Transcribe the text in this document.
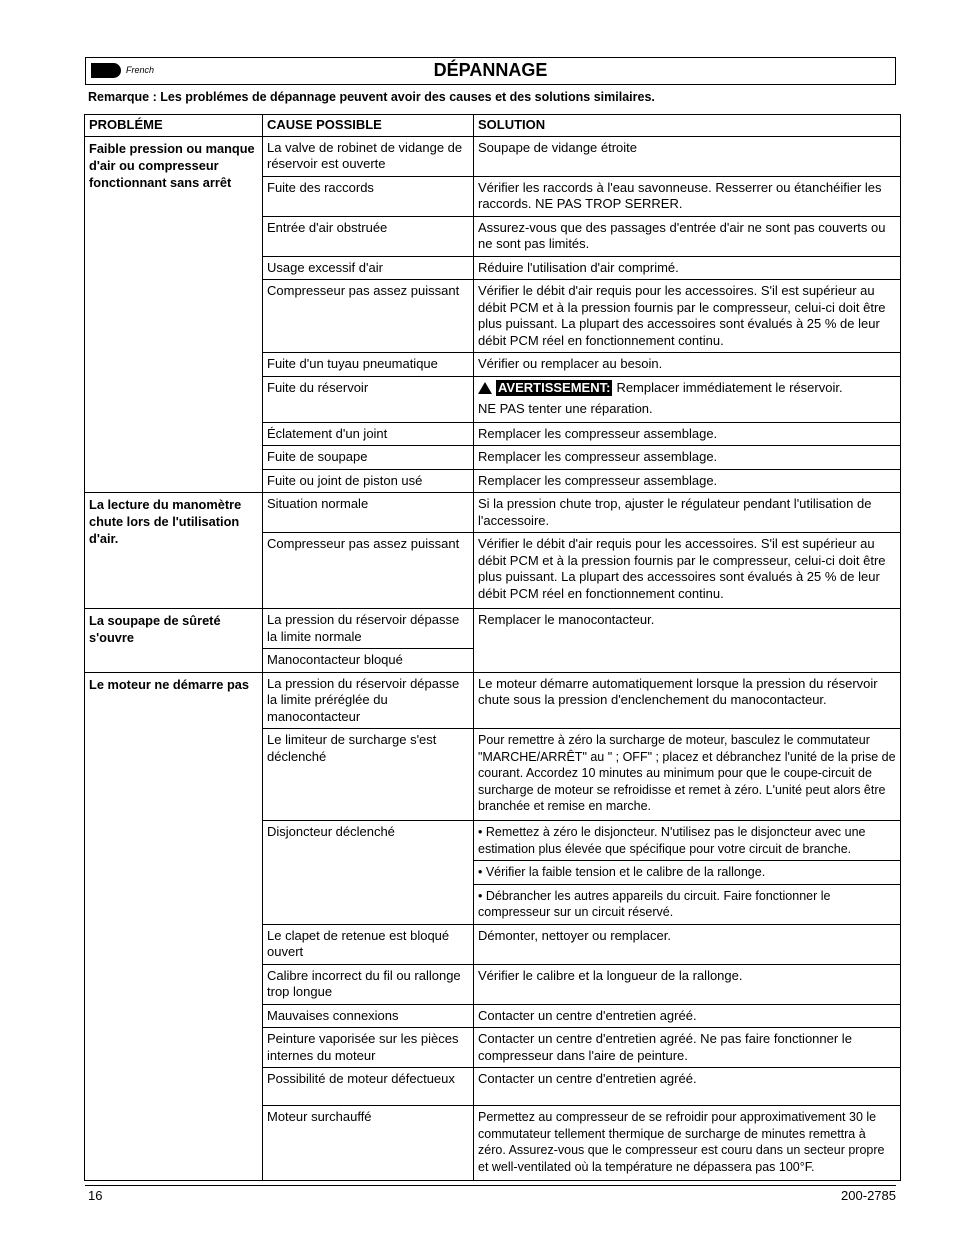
French	DÉPANNAGE
Remarque : Les problémes de dépannage peuvent avoir des causes et des solutions similaires.
PROBLÉME	CAUSE POSSIBLE	SOLUTION
Faible pression ou manque d'air ou compresseur fonctionnant sans arrêt	La valve de robinet de vidange de réservoir est ouverte	Soupape de vidange étroite
	Fuite des raccords	Vérifier les raccords à l'eau savonneuse. Resserrer ou étanchéifier les raccords. NE PAS TROP SERRER.
	Entrée d'air obstruée	Assurez-vous que des passages d'entrée d'air ne sont pas couverts ou ne sont pas limités.
	Usage excessif d'air	Réduire l'utilisation d'air comprimé.
	Compresseur pas assez puissant	Vérifier le débit d'air requis pour les accessoires. S'il est supérieur au débit PCM et à la pression fournis par le compresseur, celui-ci doit être plus puissant. La plupart des accessoires sont évalués à 25 % de leur débit PCM réel en fonctionnement continu.
	Fuite d'un tuyau pneumatique	Vérifier ou remplacer au besoin.
	Fuite du réservoir	AVERTISSEMENT: Remplacer immédiatement le réservoir.
NE PAS tenter une réparation.

	Éclatement d'un joint	Remplacer les compresseur assemblage.
	Fuite de soupape	Remplacer les compresseur assemblage.
	Fuite ou joint de piston usé	Remplacer les compresseur assemblage.
La lecture du manomètre chute lors de l'utilisation d'air.	Situation normale	Si la pression chute trop, ajuster le régulateur pendant l'utilisation de l'accessoire.
	Compresseur pas assez puissant	Vérifier le débit d'air requis pour les accessoires. S'il est supérieur au débit PCM et à la pression fournis par le compresseur, celui-ci doit être plus puissant. La plupart des accessoires sont évalués à 25 % de leur débit PCM réel en fonctionnement continu.
La soupape de sûreté s'ouvre	La pression du réservoir dépasse la limite normale	Remplacer le manocontacteur.
	Manocontacteur bloqué	
Le moteur ne démarre pas	La pression du réservoir dépasse la limite préréglée du manocontacteur	Le moteur démarre automatiquement lorsque la pression du réservoir chute sous la pression d'enclenchement du manocontacteur.
	Le limiteur de surcharge s'est déclenché	Pour remettre à zéro la surcharge de moteur, basculez le commutateur "MARCHE/ARRÊT" au " ; OFF" ; placez et débranchez l'unité de la prise de courant. Accordez 10 minutes au minimum pour que le coupe-circuit de surcharge de moteur se refroidisse et remet à zéro. L'unité peut alors être branchée et remise en marche.
	Disjoncteur déclenché	• Remettez à zéro le disjoncteur. N'utilisez pas le disjoncteur avec une estimation plus élevée que spécifique pour votre circuit de branche.
		• Vérifier la faible tension et le calibre de la rallonge.
		• Débrancher les autres appareils du circuit. Faire fonctionner le compresseur sur un circuit réservé.
	Le clapet de retenue est bloqué ouvert	Démonter, nettoyer ou remplacer.
	Calibre incorrect du fil ou rallonge trop longue	Vérifier le calibre et la longueur de la rallonge.
	Mauvaises connexions	Contacter un centre d'entretien agréé.
	Peinture vaporisée sur les pièces internes du moteur	Contacter un centre d'entretien agréé. Ne pas faire fonctionner le compresseur dans l'aire de peinture.
	Possibilité de moteur défectueux	Contacter un centre d'entretien agréé.
	Moteur surchauffé	Permettez au compresseur de se refroidir pour approximativement 30 le commutateur tellement thermique de surcharge de minutes remettra à zéro. Assurez-vous que le compresseur est couru dans un secteur propre et well-ventilated où la température ne dépassera pas 100°F.
16	200-2785
